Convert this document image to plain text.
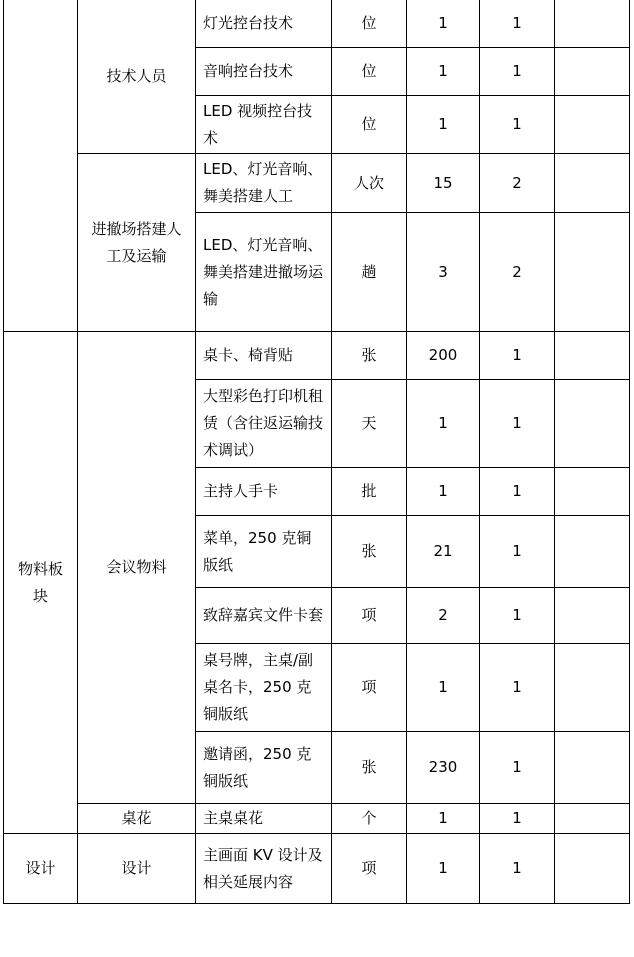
	技术人员	灯光控台技术	位	1	1	
		音响控台技术	位	1	1	
		LED 视频控台技术	位	1	1	
	进撤场搭建人工及运输	LED、灯光音响、舞美搭建人工	人次	15	2	
		LED、灯光音响、舞美搭建进撤场运输	趟	3	2	
物料板块	会议物料	桌卡、椅背贴	张	200	1	
		大型彩色打印机租赁（含往返运输技术调试）	天	1	1	
		主持人手卡	批	1	1	
		菜单，250 克铜版纸	张	21	1	
		致辞嘉宾文件卡套	项	2	1	
		桌号牌，主桌/副桌名卡，250 克铜版纸	项	1	1	
		邀请函，250 克铜版纸	张	230	1	
	桌花	主桌桌花	个	1	1	
设计	设计	主画面 KV 设计及相关延展内容	项	1	1	
